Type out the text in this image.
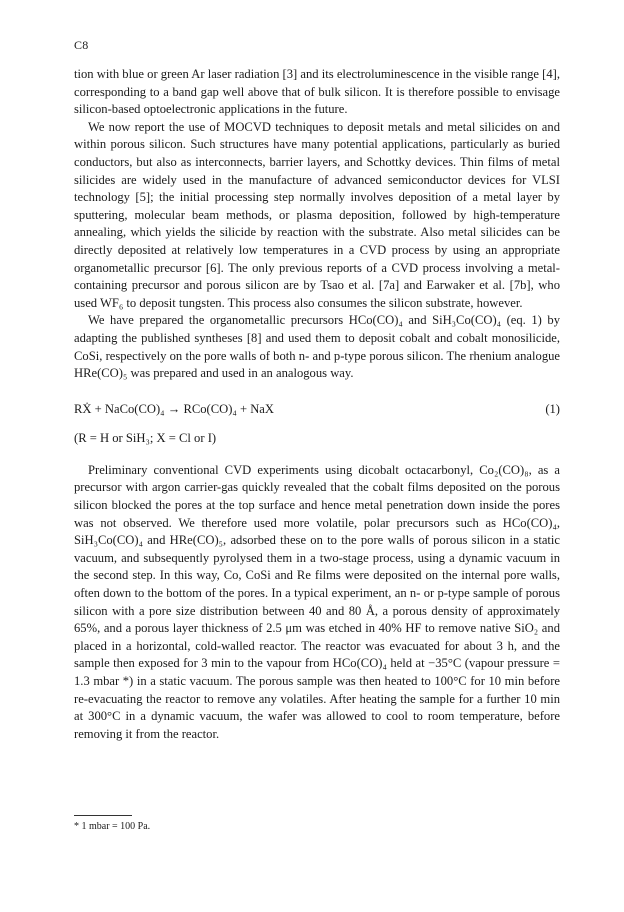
C8

tion with blue or green Ar laser radiation [3] and its electroluminescence in the visible range [4], corresponding to a band gap well above that of bulk silicon. It is therefore possible to envisage silicon-based optoelectronic applications in the future.

We now report the use of MOCVD techniques to deposit metals and metal silicides on and within porous silicon. Such structures have many potential applications, particularly as buried conductors, but also as interconnects, barrier layers, and Schottky devices. Thin films of metal silicides are widely used in the manufacture of advanced semiconductor devices for VLSI technology [5]; the initial processing step normally involves deposition of a metal layer by sputtering, molecular beam methods, or plasma deposition, followed by high-temperature annealing, which yields the silicide by reaction with the substrate. Also metal silicides can be directly deposited at relatively low temperatures in a CVD process by using an appropriate organometallic precursor [6]. The only previous reports of a CVD process involving a metal-containing precursor and porous silicon are by Tsao et al. [7a] and Earwaker et al. [7b], who used WF₆ to deposit tungsten. This process also consumes the silicon substrate, however.

We have prepared the organometallic precursors HCo(CO)₄ and SiH₃Co(CO)₄ (eq. 1) by adapting the published syntheses [8] and used them to deposit cobalt and cobalt monosilicide, CoSi, respectively on the pore walls of both n- and p-type porous silicon. The rhenium analogue HRe(CO)₅ was prepared and used in an analogous way.

RẊ + NaCo(CO)₄ → RCo(CO)₄ + NaX	(1)
(R = H or SiH₃; X = Cl or I)

Preliminary conventional CVD experiments using dicobalt octacarbonyl, Co₂(CO)₈, as a precursor with argon carrier-gas quickly revealed that the cobalt films deposited on the porous silicon blocked the pores at the top surface and hence metal penetration down inside the pores was not observed. We therefore used more volatile, polar precursors such as HCo(CO)₄, SiH₃Co(CO)₄ and HRe(CO)₅, adsorbed these on to the pore walls of porous silicon in a static vacuum, and subsequently pyrolysed them in a two-stage process, using a dynamic vacuum in the second step. In this way, Co, CoSi and Re films were deposited on the internal pore walls, often down to the bottom of the pores. In a typical experiment, an n- or p-type sample of porous silicon with a pore size distribution between 40 and 80 Å, a porous density of approximately 65%, and a porous layer thickness of 2.5 μm was etched in 40% HF to remove native SiO₂ and placed in a horizontal, cold-walled reactor. The reactor was evacuated for about 3 h, and the sample then exposed for 3 min to the vapour from HCo(CO)₄ held at −35°C (vapour pressure = 1.3 mbar *) in a static vacuum. The porous sample was then heated to 100°C for 10 min before re-evacuating the reactor to remove any volatiles. After heating the sample for a further 10 min at 300°C in a dynamic vacuum, the wafer was allowed to cool to room temperature, before removing it from the reactor.

* 1 mbar = 100 Pa.
